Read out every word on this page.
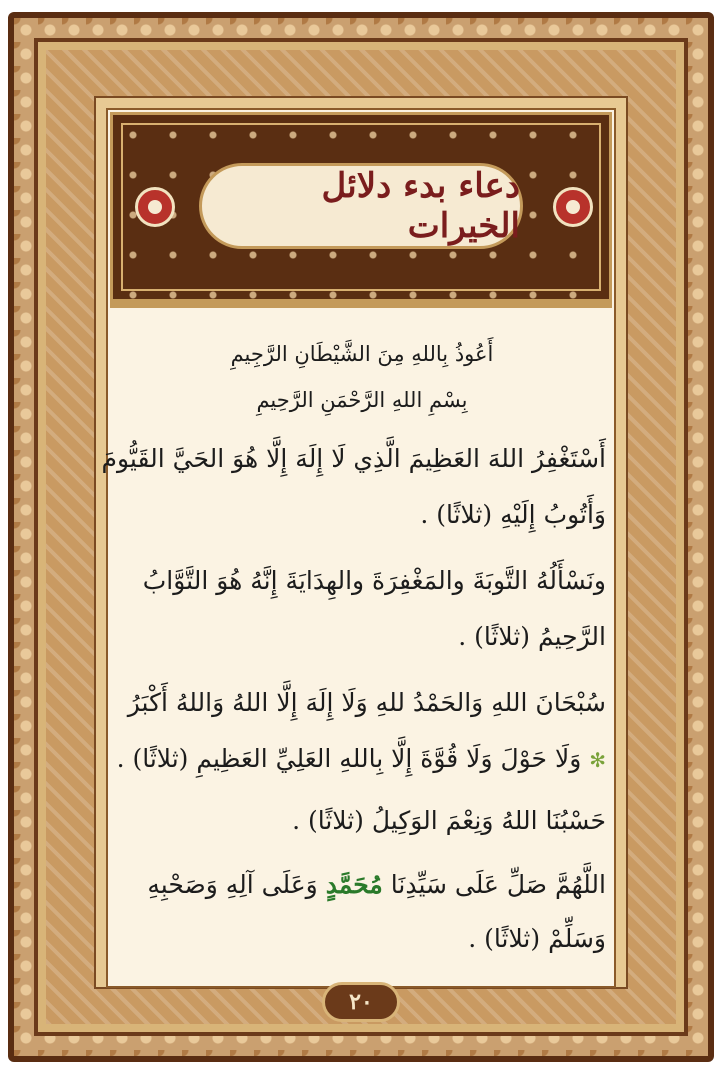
دعاء بدء دلائل الخيرات
أَعُوذُ بِاللهِ مِنَ الشَّيْطَانِ الرَّجِيمِ
بِسْمِ اللهِ الرَّحْمَنِ الرَّحِيمِ
أَسْتَغْفِرُ اللهَ العَظِيمَ الَّذِي لَا إِلَهَ إِلَّا هُوَ الحَيَّ القَيُّومَ
وَأَتُوبُ إِلَيْهِ (ثلاثًا) .
ونَسْأَلُهُ التَّوبَةَ والمَغْفِرَةَ والهِدَايَةَ إِنَّهُ هُوَ التَّوَّابُ
الرَّحِيمُ (ثلاثًا) .
سُبْحَانَ اللهِ وَالحَمْدُ للهِ وَلَا إِلَهَ إِلَّا اللهُ وَاللهُ أَكْبَرُ
✻ وَلَا حَوْلَ وَلَا قُوَّةَ إِلَّا بِاللهِ العَلِيِّ العَظِيمِ (ثلاثًا) .
حَسْبُنَا اللهُ وَنِعْمَ الوَكِيلُ (ثلاثًا) .
اللَّهُمَّ صَلِّ عَلَى سَيِّدِنَا مُحَمَّدٍ وَعَلَى آلِهِ وَصَحْبِهِ
وَسَلِّمْ (ثلاثًا) .
٢٠
